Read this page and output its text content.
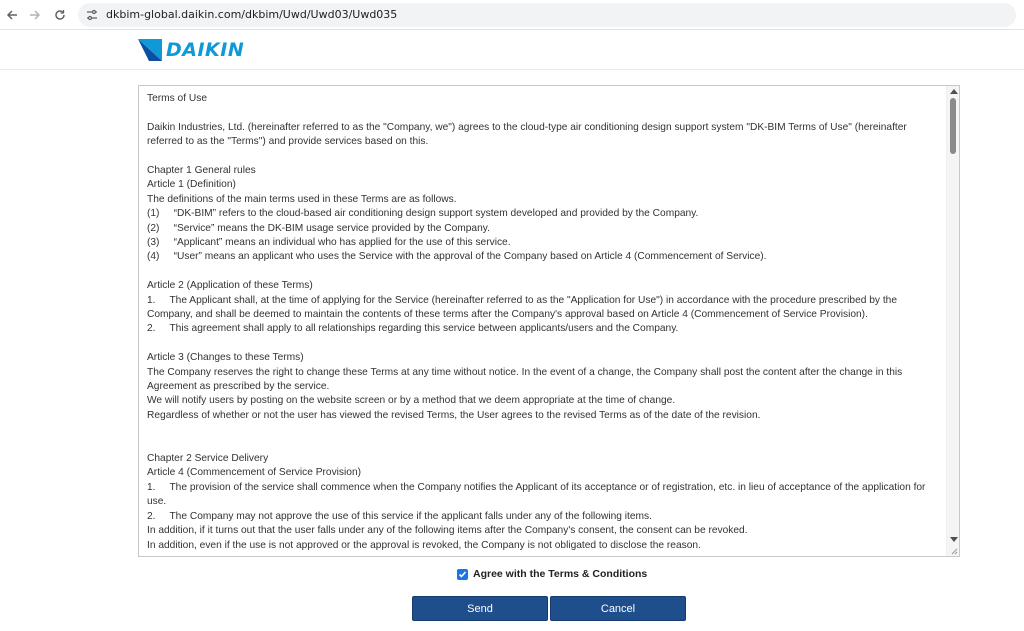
dkbim-global.daikin.com/dkbim/Uwd/Uwd03/Uwd035
DAIKIN

Terms of Use

Daikin Industries, Ltd. (hereinafter referred to as the "Company, we") agrees to the cloud-type air conditioning design support system "DK-BIM Terms of Use" (hereinafter referred to as the "Terms") and provide services based on this.

Chapter 1 General rules

Article 1 (Definition)

The definitions of the main terms used in these Terms are as follows.

(1)     “DK-BIM” refers to the cloud-based air conditioning design support system developed and provided by the Company.

(2)     “Service” means the DK-BIM usage service provided by the Company.

(3)     “Applicant” means an individual who has applied for the use of this service.

(4)     “User” means an applicant who uses the Service with the approval of the Company based on Article 4 (Commencement of Service).

Article 2 (Application of these Terms)

1.     The Applicant shall, at the time of applying for the Service (hereinafter referred to as the "Application for Use") in accordance with the procedure prescribed by the Company, and shall be deemed to maintain the contents of these terms after the Company's approval based on Article 4 (Commencement of Service Provision).

2.     This agreement shall apply to all relationships regarding this service between applicants/users and the Company.

Article 3 (Changes to these Terms)

The Company reserves the right to change these Terms at any time without notice. In the event of a change, the Company shall post the content after the change in this Agreement as prescribed by the service.

We will notify users by posting on the website screen or by a method that we deem appropriate at the time of change.

Regardless of whether or not the user has viewed the revised Terms, the User agrees to the revised Terms as of the date of the revision.

Chapter 2 Service Delivery

Article 4 (Commencement of Service Provision)

1.     The provision of the service shall commence when the Company notifies the Applicant of its acceptance or of registration, etc. in lieu of acceptance of the application for use.

2.     The Company may not approve the use of this service if the applicant falls under any of the following items.

In addition, if it turns out that the user falls under any of the following items after the Company's consent, the consent can be revoked.

In addition, even if the use is not approved or the approval is revoked, the Company is not obligated to disclose the reason.

Agree with the Terms & Conditions
Send	Cancel
